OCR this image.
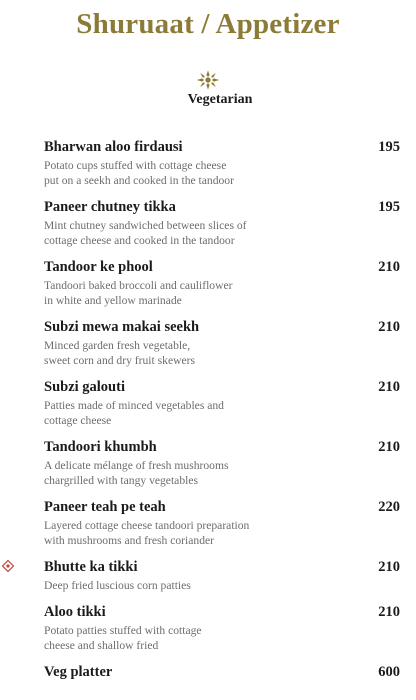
Shuruaat / Appetizer
Vegetarian
Bharwan aloo firdausi	195
Potato cups stuffed with cottage cheese
put on a seekh and cooked in the tandoor
Paneer chutney tikka	195
Mint chutney sandwiched between slices of
cottage cheese and cooked in the tandoor
Tandoor ke phool	210
Tandoori baked broccoli and cauliflower
in white and yellow marinade
Subzi mewa makai seekh	210
Minced garden fresh vegetable,
sweet corn and dry fruit skewers
Subzi galouti	210
Patties made of minced vegetables and
cottage cheese
Tandoori khumbh	210
A delicate mélange of fresh mushrooms
chargrilled with tangy vegetables
Paneer teah pe teah	220
Layered cottage cheese tandoori preparation
with mushrooms and fresh coriander
Bhutte ka tikki	210
Deep fried luscious corn patties
Aloo tikki	210
Potato patties stuffed with cottage
cheese and shallow fried
Veg platter	600
